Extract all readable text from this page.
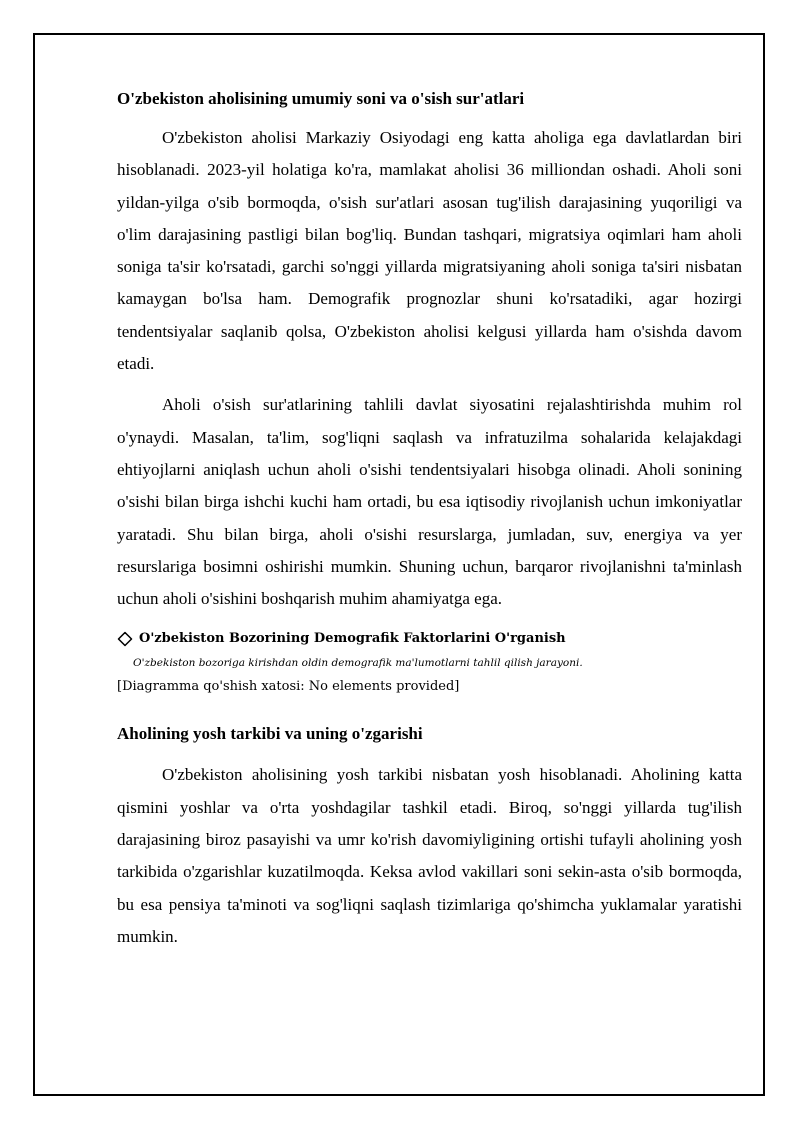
O'zbekiston aholisining umumiy soni va o'sish sur'atlari

O'zbekiston aholisi Markaziy Osiyodagi eng katta aholiga ega davlatlardan biri hisoblanadi. 2023-yil holatiga ko'ra, mamlakat aholisi 36 milliondan oshadi. Aholi soni yildan-yilga o'sib bormoqda, o'sish sur'atlari asosan tug'ilish darajasining yuqoriligi va o'lim darajasining pastligi bilan bog'liq. Bundan tashqari, migratsiya oqimlari ham aholi soniga ta'sir ko'rsatadi, garchi so'nggi yillarda migratsiyaning aholi soniga ta'siri nisbatan kamaygan bo'lsa ham. Demografik prognozlar shuni ko'rsatadiki, agar hozirgi tendentsiyalar saqlanib qolsa, O'zbekiston aholisi kelgusi yillarda ham o'sishda davom etadi.

Aholi o'sish sur'atlarining tahlili davlat siyosatini rejalashtirishda muhim rol o'ynaydi. Masalan, ta'lim, sog'liqni saqlash va infratuzilma sohalarida kelajakdagi ehtiyojlarni aniqlash uchun aholi o'sishi tendentsiyalari hisobga olinadi. Aholi sonining o'sishi bilan birga ishchi kuchi ham ortadi, bu esa iqtisodiy rivojlanish uchun imkoniyatlar yaratadi. Shu bilan birga, aholi o'sishi resurslarga, jumladan, suv, energiya va yer resurslariga bosimni oshirishi mumkin. Shuning uchun, barqaror rivojlanishni ta'minlash uchun aholi o'sishini boshqarish muhim ahamiyatga ega.

O'zbekiston Bozorining Demografik Faktorlarini O'rganish
O'zbekiston bozoriga kirishdan oldin demografik ma'lumotlarni tahlil qilish jarayoni.
[Diagramma qo'shish xatosi: No elements provided]
Aholining yosh tarkibi va uning o'zgarishi

O'zbekiston aholisining yosh tarkibi nisbatan yosh hisoblanadi. Aholining katta qismini yoshlar va o'rta yoshdagilar tashkil etadi. Biroq, so'nggi yillarda tug'ilish darajasining biroz pasayishi va umr ko'rish davomiyligining ortishi tufayli aholining yosh tarkibida o'zgarishlar kuzatilmoqda. Keksa avlod vakillari soni sekin-asta o'sib bormoqda, bu esa pensiya ta'minoti va sog'liqni saqlash tizimlariga qo'shimcha yuklamalar yaratishi mumkin.
